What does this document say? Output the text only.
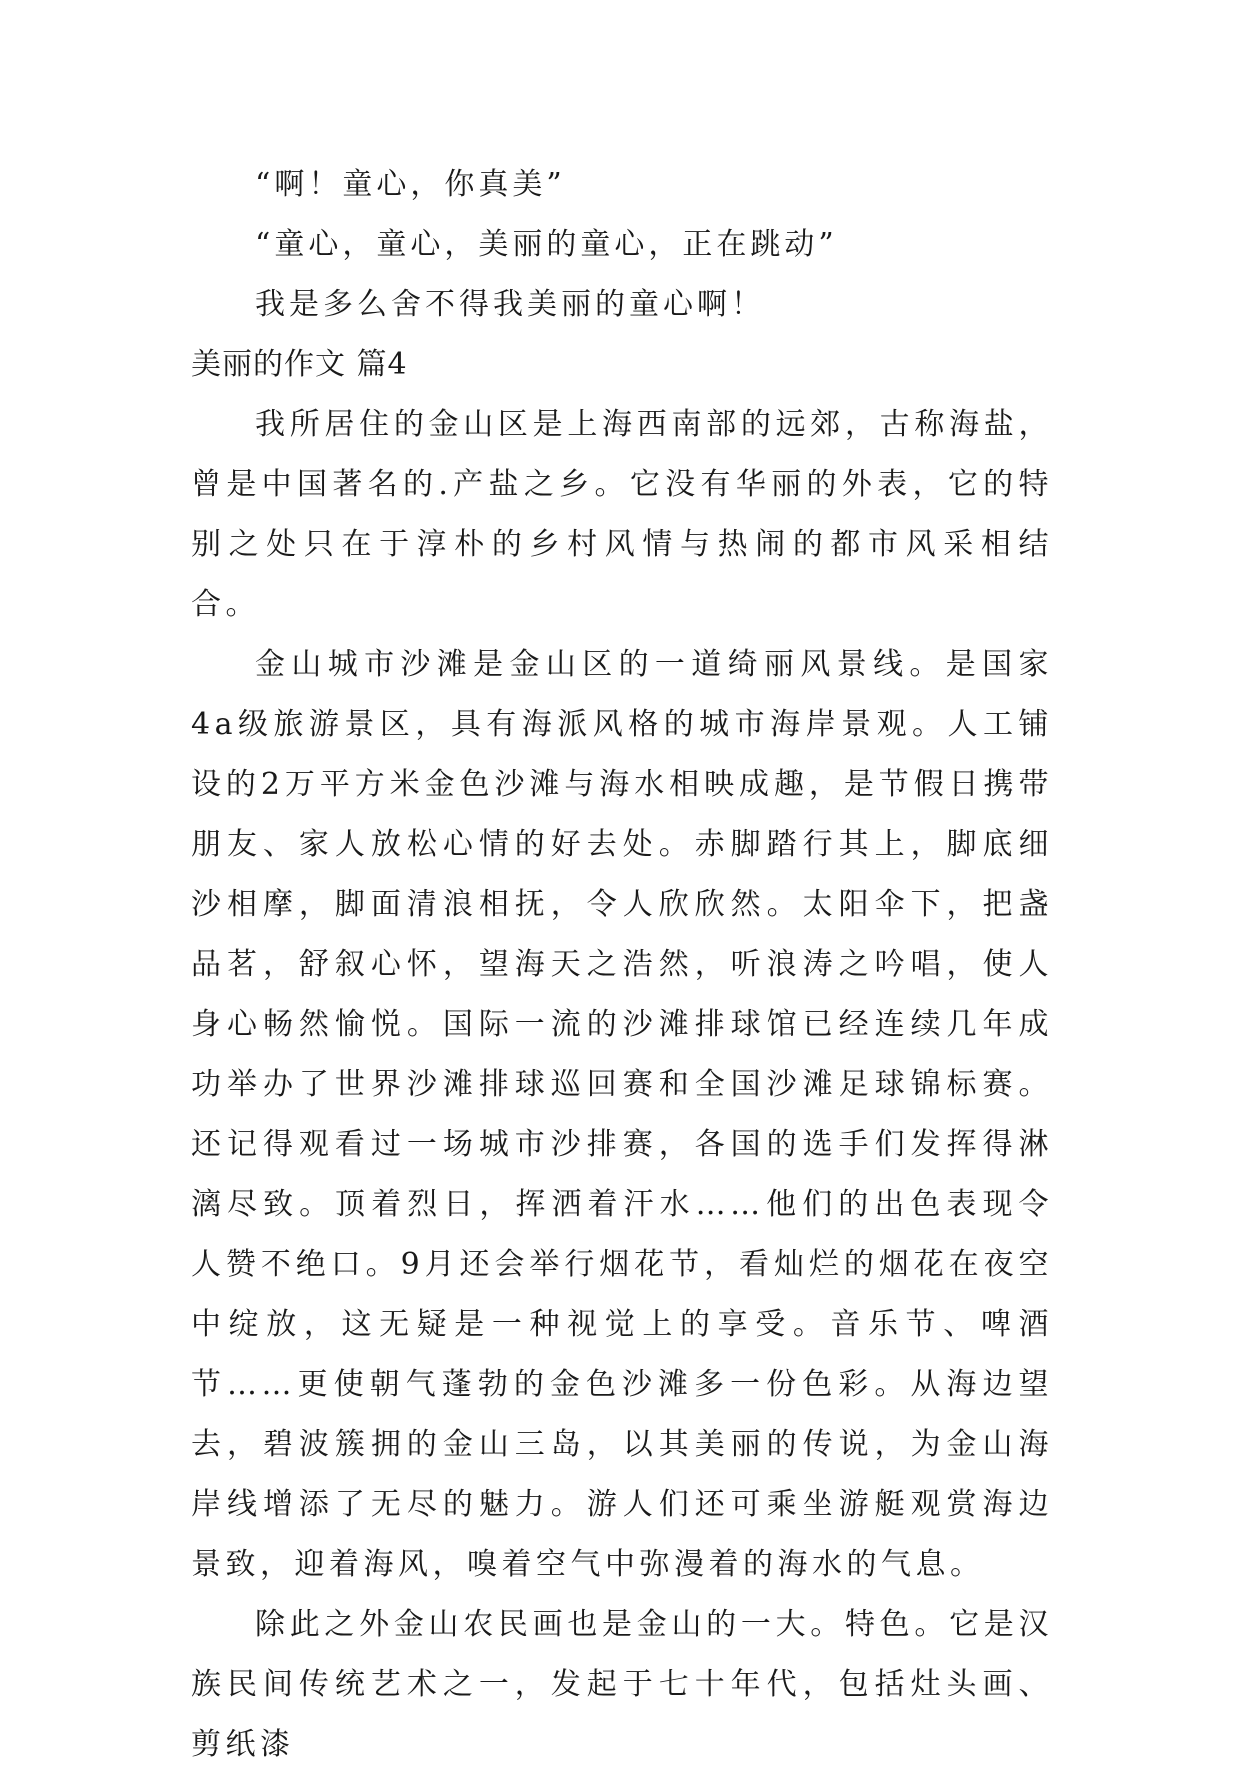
“啊！童心，你真美”
“童心，童心，美丽的童心，正在跳动”
我是多么舍不得我美丽的童心啊！
美丽的作文 篇4

我所居住的金山区是上海西南部的远郊，古称海盐，曾是中国著名的.产盐之乡。它没有华丽的外表，它的特别之处只在于淳朴的乡村风情与热闹的都市风采相结合。

金山城市沙滩是金山区的一道绮丽风景线。是国家4a级旅游景区，具有海派风格的城市海岸景观。人工铺设的2万平方米金色沙滩与海水相映成趣，是节假日携带朋友、家人放松心情的好去处。赤脚踏行其上，脚底细沙相摩，脚面清浪相抚，令人欣欣然。太阳伞下，把盏品茗，舒叙心怀，望海天之浩然，听浪涛之吟唱，使人身心畅然愉悦。国际一流的沙滩排球馆已经连续几年成功举办了世界沙滩排球巡回赛和全国沙滩足球锦标赛。还记得观看过一场城市沙排赛，各国的选手们发挥得淋漓尽致。顶着烈日，挥洒着汗水……他们的出色表现令人赞不绝口。9月还会举行烟花节，看灿烂的烟花在夜空中绽放，这无疑是一种视觉上的享受。音乐节、啤酒节……更使朝气蓬勃的金色沙滩多一份色彩。从海边望去，碧波簇拥的金山三岛，以其美丽的传说，为金山海岸线增添了无尽的魅力。游人们还可乘坐游艇观赏海边景致，迎着海风，嗅着空气中弥漫着的海水的气息。

除此之外金山农民画也是金山的一大。特色。它是汉族民间传统艺术之一，发起于七十年代，包括灶头画、剪纸漆
